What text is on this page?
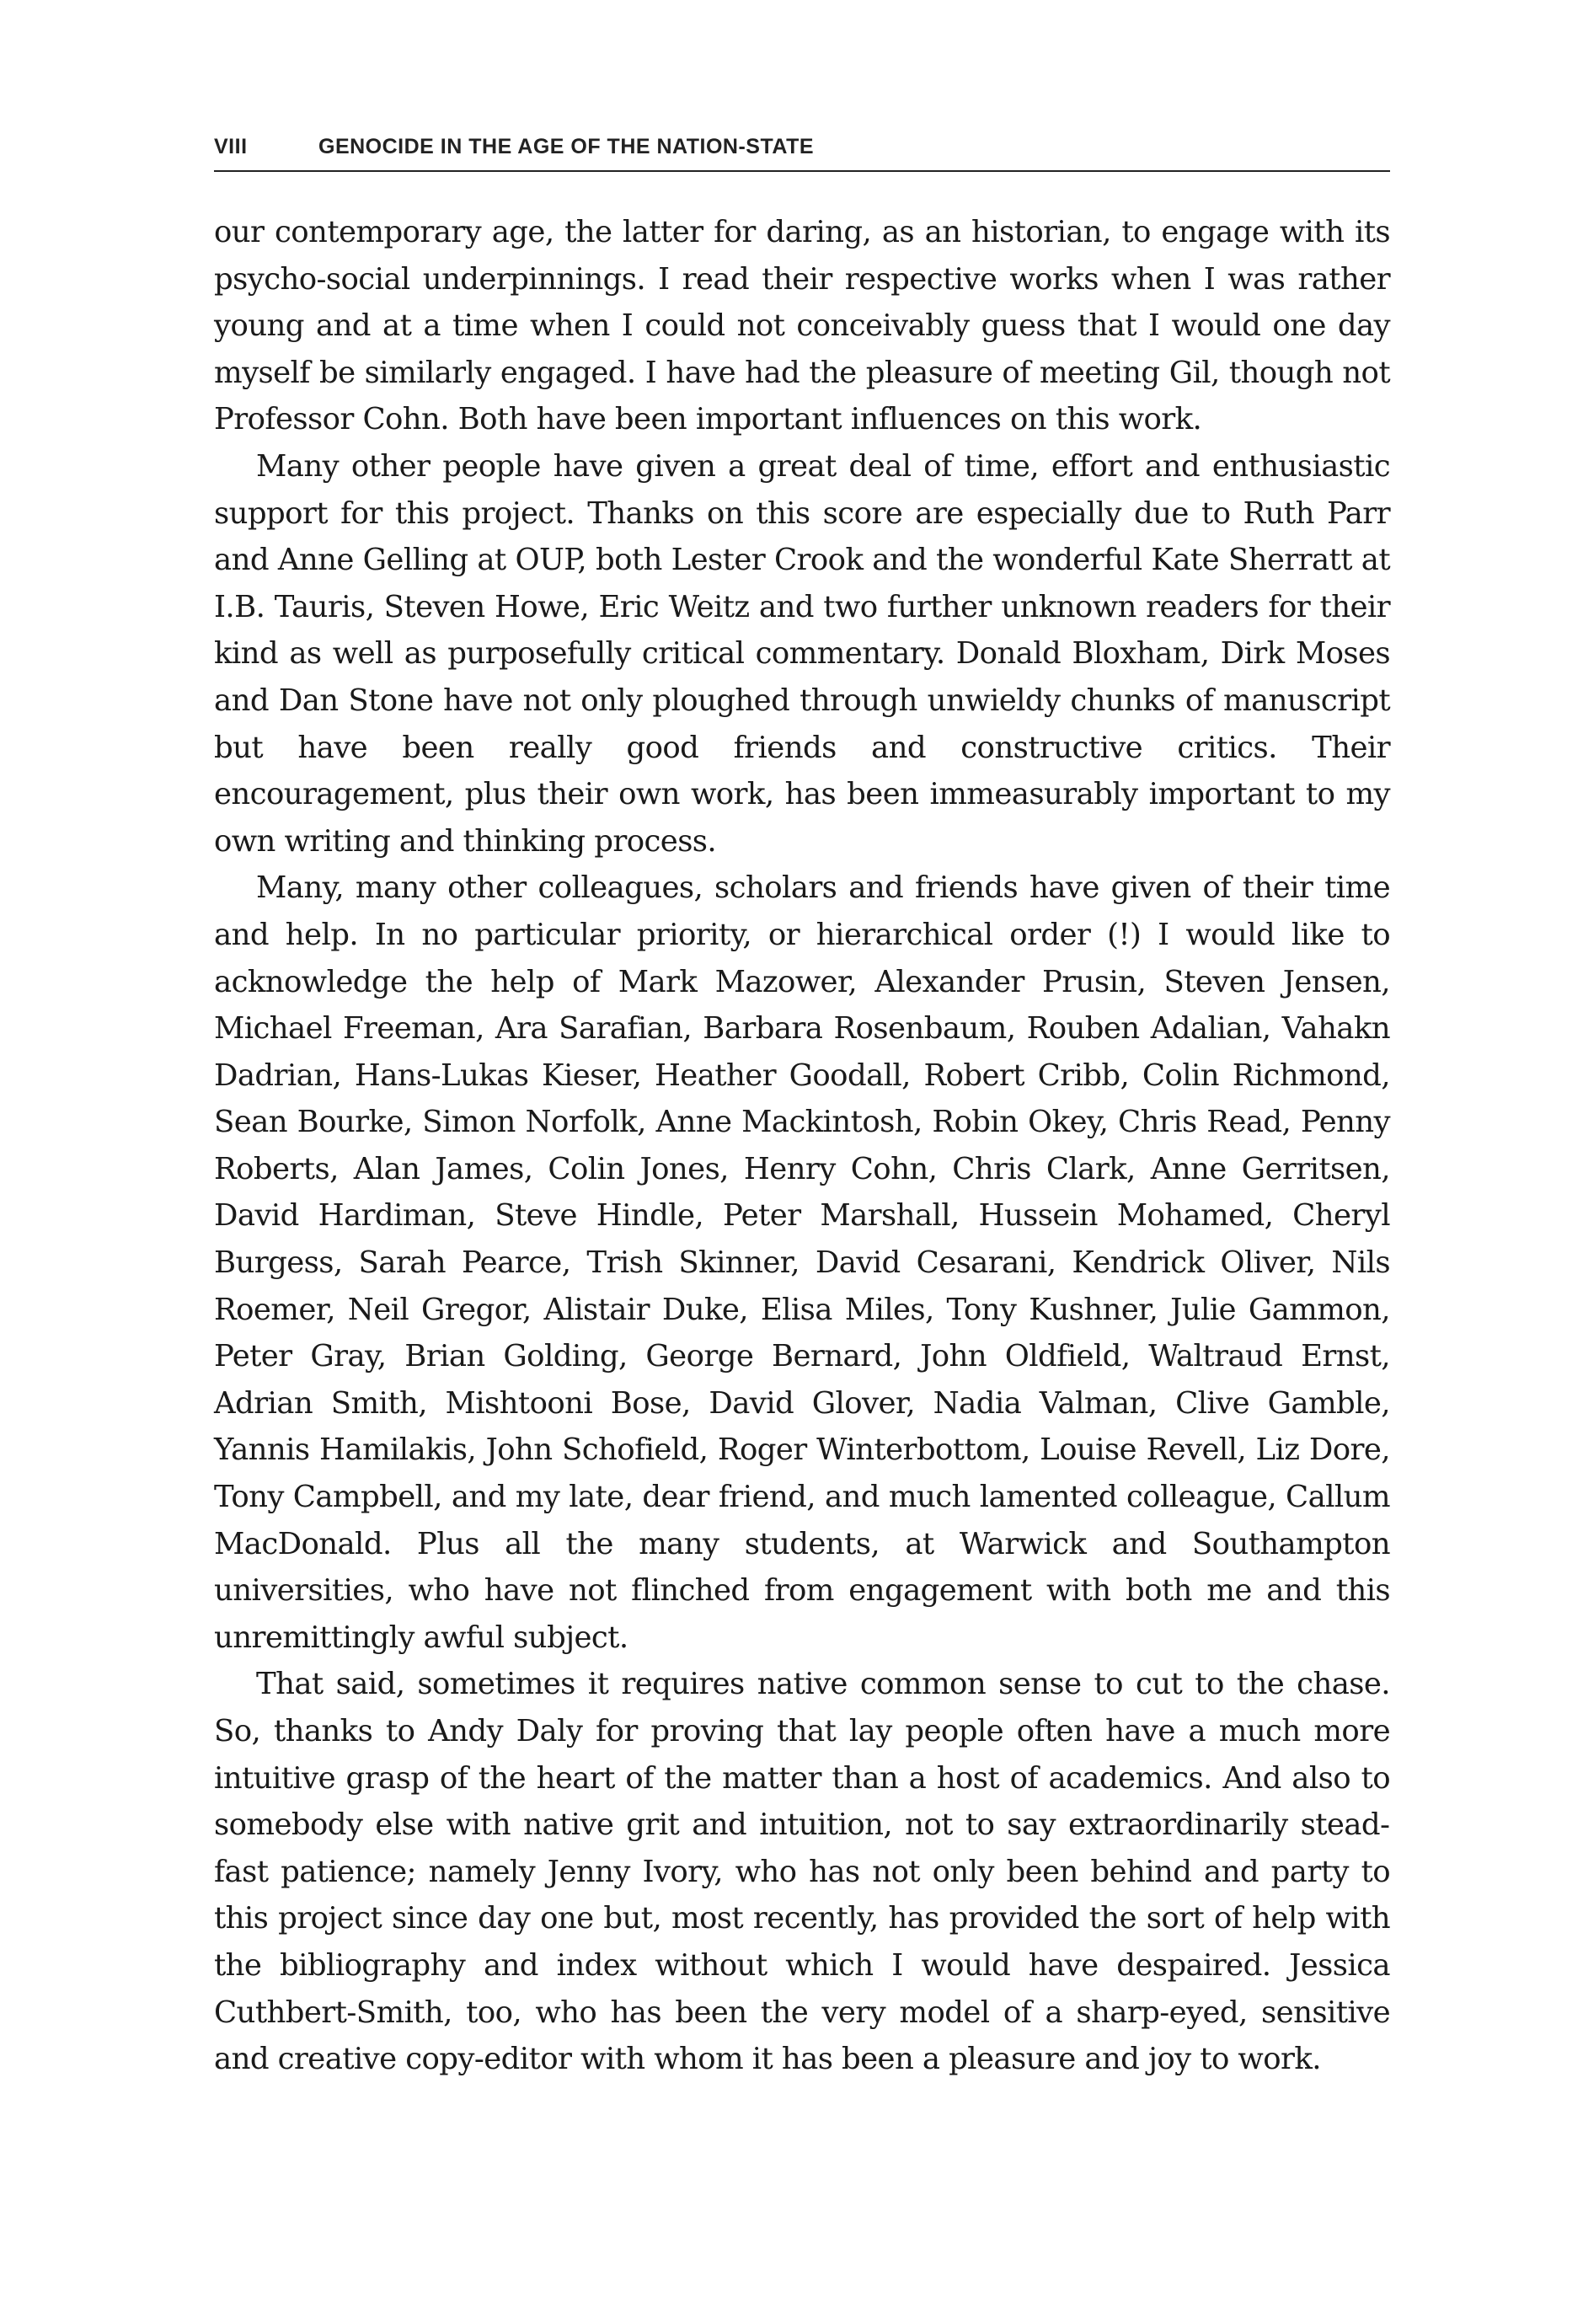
VIII	GENOCIDE IN THE AGE OF THE NATION-STATE

our contemporary age, the latter for daring, as an historian, to engage with its psycho-social underpinnings. I read their respective works when I was rather young and at a time when I could not conceivably guess that I would one day myself be similarly engaged. I have had the pleasure of meeting Gil, though not Professor Cohn. Both have been important influences on this work.

Many other people have given a great deal of time, effort and enthusiastic support for this project. Thanks on this score are especially due to Ruth Parr and Anne Gelling at OUP, both Lester Crook and the wonderful Kate Sherratt at I.B. Tauris, Steven Howe, Eric Weitz and two further unknown readers for their kind as well as purposefully critical commentary. Donald Bloxham, Dirk Moses and Dan Stone have not only ploughed through unwieldy chunks of manuscript but have been really good friends and constructive critics. Their encouragement, plus their own work, has been immeasurably important to my own writing and thinking process.

Many, many other colleagues, scholars and friends have given of their time and help. In no particular priority, or hierarchical order (!) I would like to acknowledge the help of Mark Mazower, Alexander Prusin, Steven Jensen, Michael Freeman, Ara Sarafian, Barbara Rosenbaum, Rouben Adalian, Vahakn Dadrian, Hans-Lukas Kieser, Heather Goodall, Robert Cribb, Colin Richmond, Sean Bourke, Simon Norfolk, Anne Mackintosh, Robin Okey, Chris Read, Penny Roberts, Alan James, Colin Jones, Henry Cohn, Chris Clark, Anne Gerritsen, David Hardiman, Steve Hindle, Peter Marshall, Hussein Mohamed, Cheryl Burgess, Sarah Pearce, Trish Skinner, David Cesarani, Kendrick Oliver, Nils Roemer, Neil Gregor, Alistair Duke, Elisa Miles, Tony Kushner, Julie Gammon, Peter Gray, Brian Golding, George Bernard, John Oldfield, Waltraud Ernst, Adrian Smith, Mishtooni Bose, David Glover, Nadia Valman, Clive Gamble, Yannis Hamilakis, John Schofield, Roger Winterbottom, Louise Revell, Liz Dore, Tony Campbell, and my late, dear friend, and much lamented colleague, Callum MacDonald. Plus all the many students, at Warwick and Southampton universities, who have not flinched from engagement with both me and this unremittingly awful subject.

That said, sometimes it requires native common sense to cut to the chase. So, thanks to Andy Daly for proving that lay people often have a much more intuitive grasp of the heart of the matter than a host of academics. And also to somebody else with native grit and intuition, not to say extraordinarily steadfast patience; namely Jenny Ivory, who has not only been behind and party to this project since day one but, most recently, has provided the sort of help with the bibliography and index without which I would have despaired. Jessica Cuthbert-Smith, too, who has been the very model of a sharp-eyed, sensitive and creative copy-editor with whom it has been a pleasure and joy to work.
